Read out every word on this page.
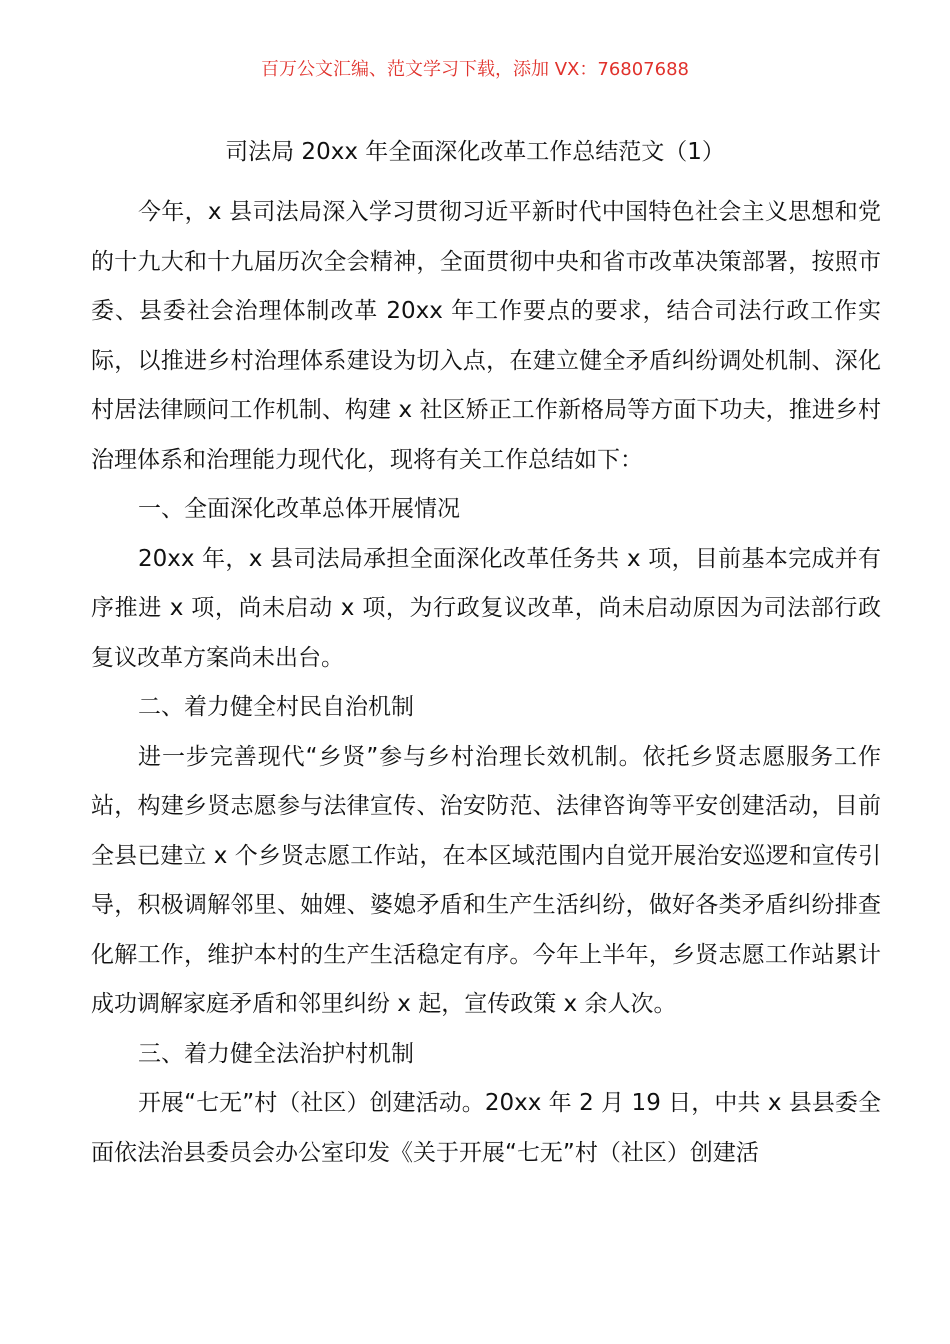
百万公文汇编、范文学习下载，添加 VX：76807688
司法局 20xx 年全面深化改革工作总结范文（1）

今年，x 县司法局深入学习贯彻习近平新时代中国特色社会主义思想和党的十九大和十九届历次全会精神，全面贯彻中央和省市改革决策部署，按照市委、县委社会治理体制改革 20xx 年工作要点的要求，结合司法行政工作实际，以推进乡村治理体系建设为切入点，在建立健全矛盾纠纷调处机制、深化村居法律顾问工作机制、构建 x 社区矫正工作新格局等方面下功夫，推进乡村治理体系和治理能力现代化，现将有关工作总结如下：

一、全面深化改革总体开展情况

20xx 年，x 县司法局承担全面深化改革任务共 x 项，目前基本完成并有序推进 x 项，尚未启动 x 项，为行政复议改革，尚未启动原因为司法部行政复议改革方案尚未出台。

二、着力健全村民自治机制

进一步完善现代“乡贤”参与乡村治理长效机制。依托乡贤志愿服务工作站，构建乡贤志愿参与法律宣传、治安防范、法律咨询等平安创建活动，目前全县已建立 x 个乡贤志愿工作站，在本区域范围内自觉开展治安巡逻和宣传引导，积极调解邻里、妯娌、婆媳矛盾和生产生活纠纷，做好各类矛盾纠纷排查化解工作，维护本村的生产生活稳定有序。今年上半年，乡贤志愿工作站累计成功调解家庭矛盾和邻里纠纷 x 起，宣传政策 x 余人次。

三、着力健全法治护村机制

开展“七无”村（社区）创建活动。20xx 年 2 月 19 日，中共 x 县县委全面依法治县委员会办公室印发《关于开展“七无”村（社区）创建活
